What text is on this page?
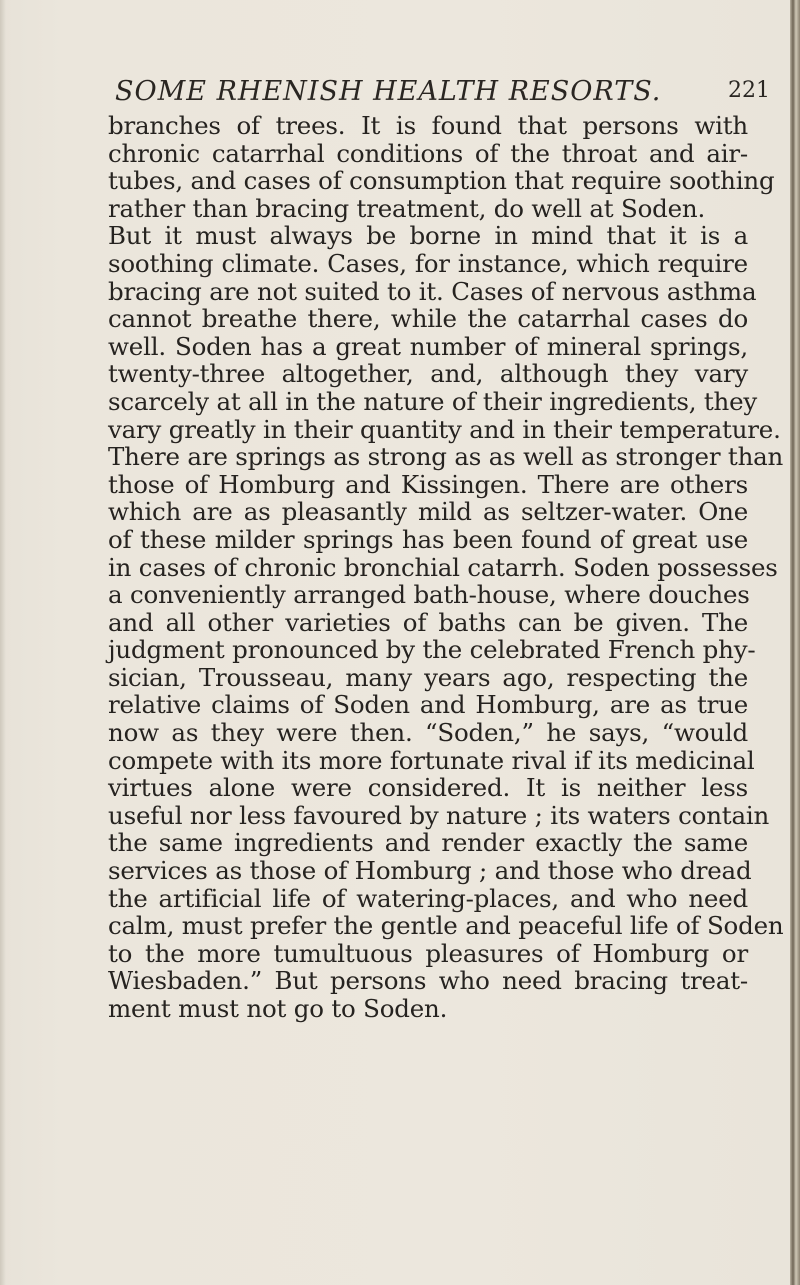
SOME RHENISH HEALTH RESORTS.	221
branches of trees. It is found that persons with
chronic catarrhal conditions of the throat and air-
tubes, and cases of consumption that require soothing
rather than bracing treatment, do well at Soden.
But it must always be borne in mind that it is a
soothing climate. Cases, for instance, which require
bracing are not suited to it. Cases of nervous asthma
cannot breathe there, while the catarrhal cases do
well. Soden has a great number of mineral springs,
twenty-three altogether, and, although they vary
scarcely at all in the nature of their ingredients, they
vary greatly in their quantity and in their temperature.
There are springs as strong as as well as stronger than
those of Homburg and Kissingen. There are others
which are as pleasantly mild as seltzer-water. One
of these milder springs has been found of great use
in cases of chronic bronchial catarrh. Soden possesses
a conveniently arranged bath-house, where douches
and all other varieties of baths can be given. The
judgment pronounced by the celebrated French phy-
sician, Trousseau, many years ago, respecting the
relative claims of Soden and Homburg, are as true
now as they were then. “Soden,” he says, “would
compete with its more fortunate rival if its medicinal
virtues alone were considered. It is neither less
useful nor less favoured by nature ; its waters contain
the same ingredients and render exactly the same
services as those of Homburg ; and those who dread
the artificial life of watering-places, and who need
calm, must prefer the gentle and peaceful life of Soden
to the more tumultuous pleasures of Homburg or
Wiesbaden.” But persons who need bracing treat-
ment must not go to Soden.
